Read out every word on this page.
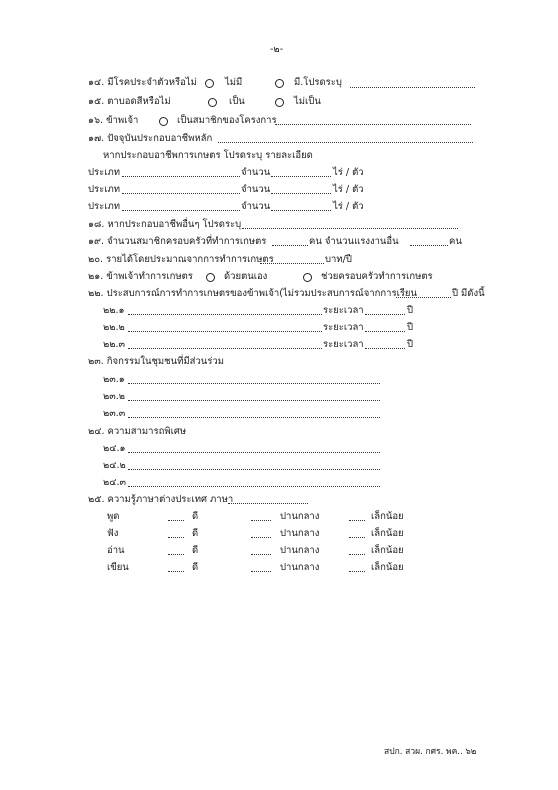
-๒-
๑๔. มีโรคประจำตัวหรือไม่	ไม่มี	มี.โปรดระบุ
๑๕. ตาบอดสีหรือไม่	เป็น	ไม่เป็น
๑๖. ข้าพเจ้า	เป็นสมาชิกของโครงการ
๑๗. ปัจจุบันประกอบอาชีพหลัก
หากประกอบอาชีพการเกษตร โปรดระบุ รายละเอียด
ประเภท	จำนวน	ไร่ / ตัว
ประเภท	จำนวน	ไร่ / ตัว
ประเภท	จำนวน	ไร่ / ตัว
๑๘. หากประกอบอาชีพอื่นๆ โปรดระบุ
๑๙. จำนวนสมาชิกครอบครัวที่ทำการเกษตร	คน จำนวนแรงงานอื่น	คน
๒๐. รายได้โดยประมาณจากการทำการเกษตร	บาท/ปี
๒๑. ข้าพเจ้าทำการเกษตร	ด้วยตนเอง	ช่วยครอบครัวทำการเกษตร
๒๒. ประสบการณ์การทำการเกษตรของข้าพเจ้า(ไม่รวมประสบการณ์จากการเรียน	ปี มีดังนี้
๒๒.๑	ระยะเวลา	ปี
๒๒.๒	ระยะเวลา	ปี
๒๒.๓	ระยะเวลา	ปี
๒๓. กิจกรรมในชุมชนที่มีส่วนร่วม
๒๓.๑
๒๓.๒
๒๓.๓
๒๔. ความสามารถพิเศษ
๒๔.๑
๒๔.๒
๒๔.๓
๒๕. ความรู้ภาษาต่างประเทศ ภาษา
พูด	ดี	ปานกลาง	เล็กน้อย
ฟัง	ดี	ปานกลาง	เล็กน้อย
อ่าน	ดี	ปานกลาง	เล็กน้อย
เขียน	ดี	ปานกลาง	เล็กน้อย
สปก. สวผ. กศร. พค.. ๖๒
